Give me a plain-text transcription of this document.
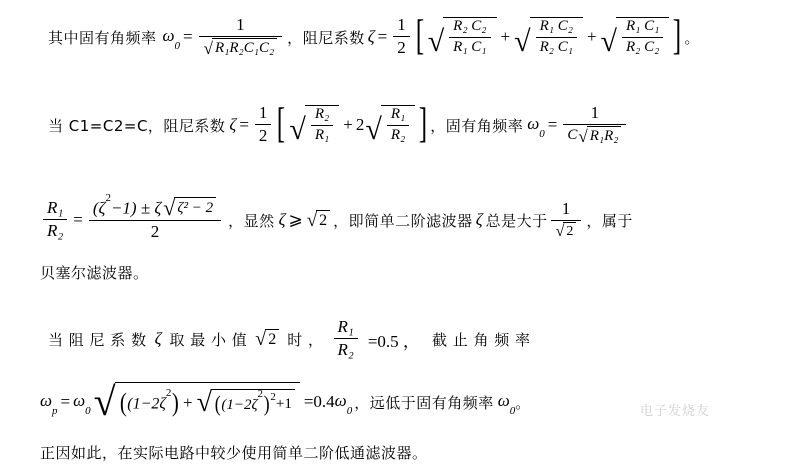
其中固有角频率 $\omega_0$
= $\frac{1}{\text{√ R₁R₂C₁C₂}}$ ， 阻尼系数 $\zeta = \frac{1}{2}$ [ √ $\frac{\text{R₂ C₂}}{\text{R₁ C₁}}$ + √ $\frac{\text{R₁ C₂}}{\text{R₂ C₁}}$ + √ $\frac{\text{R₁ C₁}}{\text{R₂ C₂}}$ ] 。
当 C1=C2=C，阻尼系数 $\zeta = \frac{1}{2}$ [ √ $\frac{\text{R₂}}{\text{R₁}} + 2$ √ $\frac{\text{R₁}}{\text{R₂}}$ ] ，固有角频率 $\omega_0$
= $\frac{1}{\text{C √ R₁R₂}}$
$\frac{\text{R₁}}{\text{R₂}} = \frac{(\zeta^2-1) \pm \zeta √ \zeta^2 - 2}{2}$ ，显然 ζ ⩾ √ 2 ，即简单二阶滤波器 ζ 总是大于 $\frac{1}{√ 2}$ ，属于
贝塞尔滤波器。
当 阻 尼 系 数 ζ 取 最 小 值 √ 2 时 ， $\frac{\text{R₁}}{\text{R₂}} =0.5$ ， 截 止 角 频 率
$\omega_p$
= $\omega_0$ √ ( ($1-2\zeta^2$ ) + √ ( ($1-2\zeta^2$ ) 2 +1 =0.4 $\omega_0$ ，远低于固有角频率 $\omega_0$ 。
正因如此，在实际电路中较少使用简单二阶低通滤波器。
电子发烧友
